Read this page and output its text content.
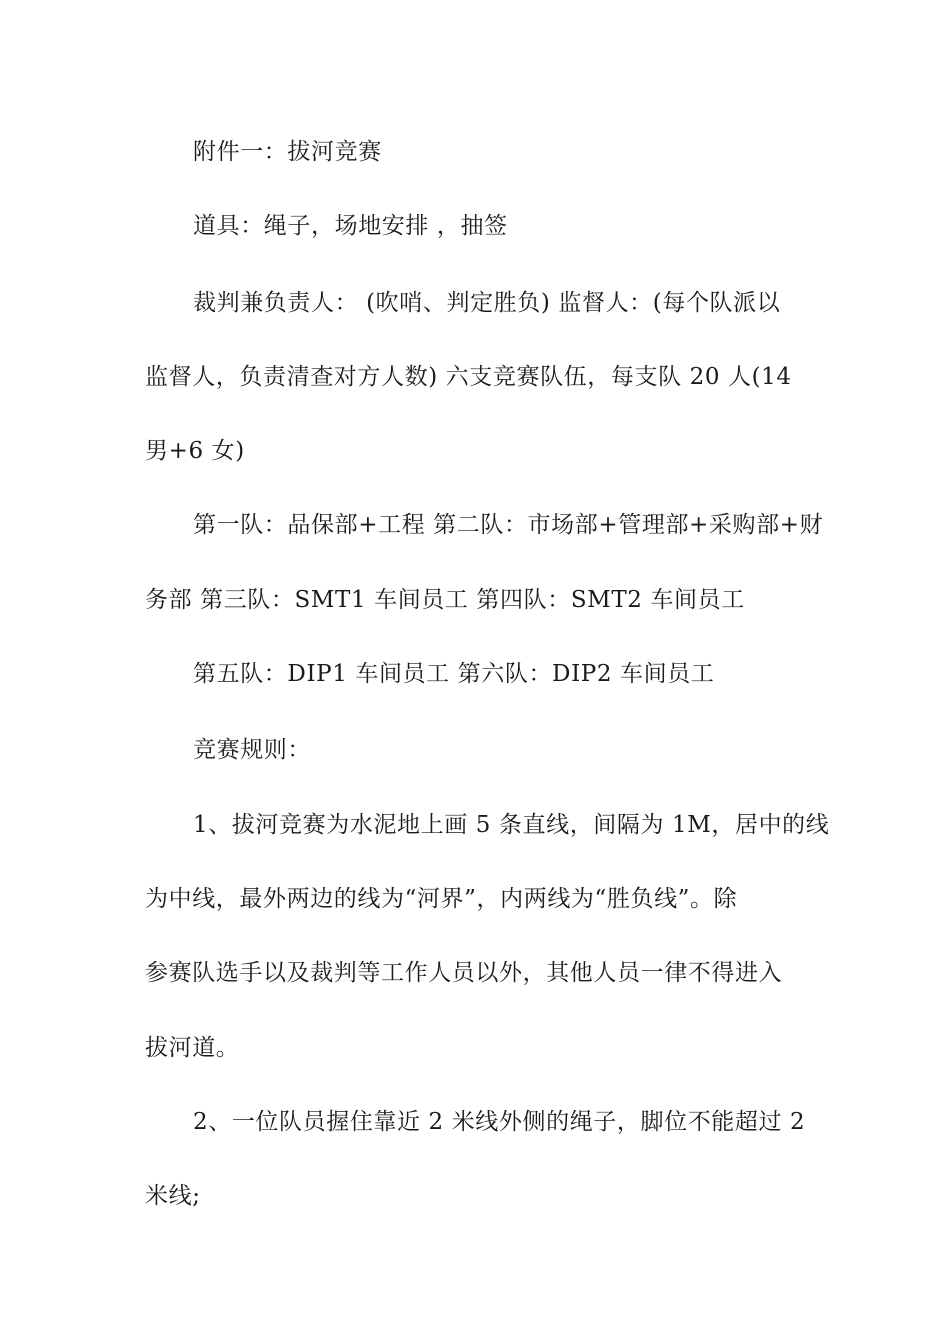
附件一：拔河竞赛
道具：绳子，场地安排 ，抽签
裁判兼负责人： (吹哨、判定胜负) 监督人：(每个队派以
监督人，负责清查对方人数) 六支竞赛队伍，每支队 20 人(14
男+6 女)
第一队：品保部+工程 第二队：市场部+管理部+采购部+财
务部 第三队：SMT1 车间员工 第四队：SMT2 车间员工
第五队：DIP1 车间员工 第六队：DIP2 车间员工
竞赛规则：
1、拔河竞赛为水泥地上画 5 条直线，间隔为 1M，居中的线
为中线，最外两边的线为“河界”，内两线为“胜负线”。除
参赛队选手以及裁判等工作人员以外，其他人员一律不得进入
拔河道。
2、一位队员握住靠近 2 米线外侧的绳子，脚位不能超过 2
米线;
